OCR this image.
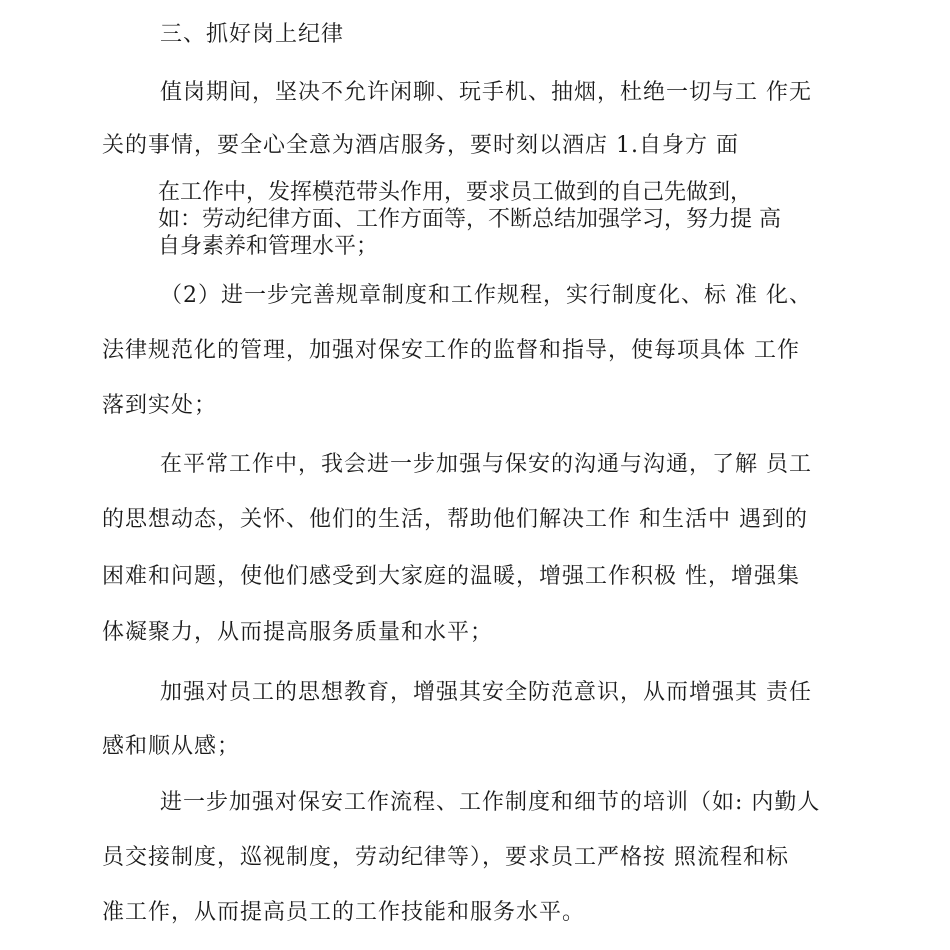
三、抓好岗上纪律
值岗期间，坚决不允许闲聊、玩手机、抽烟，杜绝一切与工 作无
关的事情，要全心全意为酒店服务，要时刻以酒店 1.自身方 面
在工作中，发挥模范带头作用，要求员工做到的自己先做到，
如：劳动纪律方面、工作方面等，不断总结加强学习，努力提 高
自身素养和管理水平；
（2）进一步完善规章制度和工作规程，实行制度化、标 准 化、
法律规范化的管理，加强对保安工作的监督和指导，使每项具体 工作
落到实处；
在平常工作中，我会进一步加强与保安的沟通与沟通，了解 员工
的思想动态，关怀、他们的生活，帮助他们解决工作 和生活中 遇到的
困难和问题，使他们感受到大家庭的温暖，增强工作积极 性，增强集
体凝聚力，从而提高服务质量和水平；
加强对员工的思想教育，增强其安全防范意识，从而增强其 责任
感和顺从感；
进一步加强对保安工作流程、工作制度和细节的培训（如: 内勤人
员交接制度，巡视制度，劳动纪律等），要求员工严格按 照流程和标
准工作，从而提高员工的工作技能和服务水平。
